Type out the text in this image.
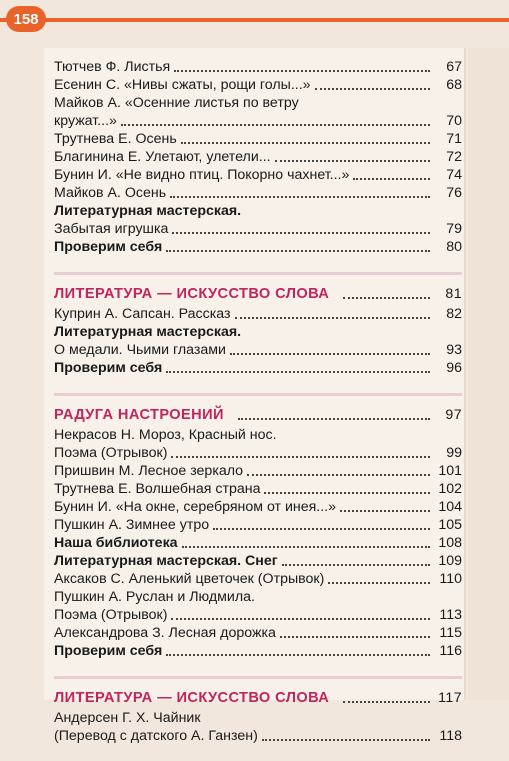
158
Тютчев Ф. Листья	67
Есенин С. «Нивы сжаты, рощи голы...»	68
Майков А. «Осенние листья по ветру
кружат...»	70
Трутнева Е. Осень	71
Благинина Е. Улетают, улетели...	72
Бунин И. «Не видно птиц. Покорно чахнет...»	74
Майков А. Осень	76
Литературная мастерская.
Забытая игрушка	79
Проверим себя	80
ЛИТЕРАТУРА — ИСКУССТВО СЛОВА	81
Куприн А. Сапсан. Рассказ	82
Литературная мастерская.
О медали. Чьими глазами	93
Проверим себя	96
РАДУГА НАСТРОЕНИЙ	97
Некрасов Н. Мороз, Красный нос.
Поэма (Отрывок)	99
Пришвин М. Лесное зеркало	101
Трутнева Е. Волшебная страна	102
Бунин И. «На окне, серебряном от инея...»	104
Пушкин А. Зимнее утро	105
Наша библиотека	108
Литературная мастерская. Снег	109
Аксаков С. Аленький цветочек (Отрывок)	110
Пушкин А. Руслан и Людмила.
Поэма (Отрывок)	113
Александрова З. Лесная дорожка	115
Проверим себя	116
ЛИТЕРАТУРА — ИСКУССТВО СЛОВА	117
Андерсен Г. Х. Чайник
(Перевод с датского А. Ганзен)	118
